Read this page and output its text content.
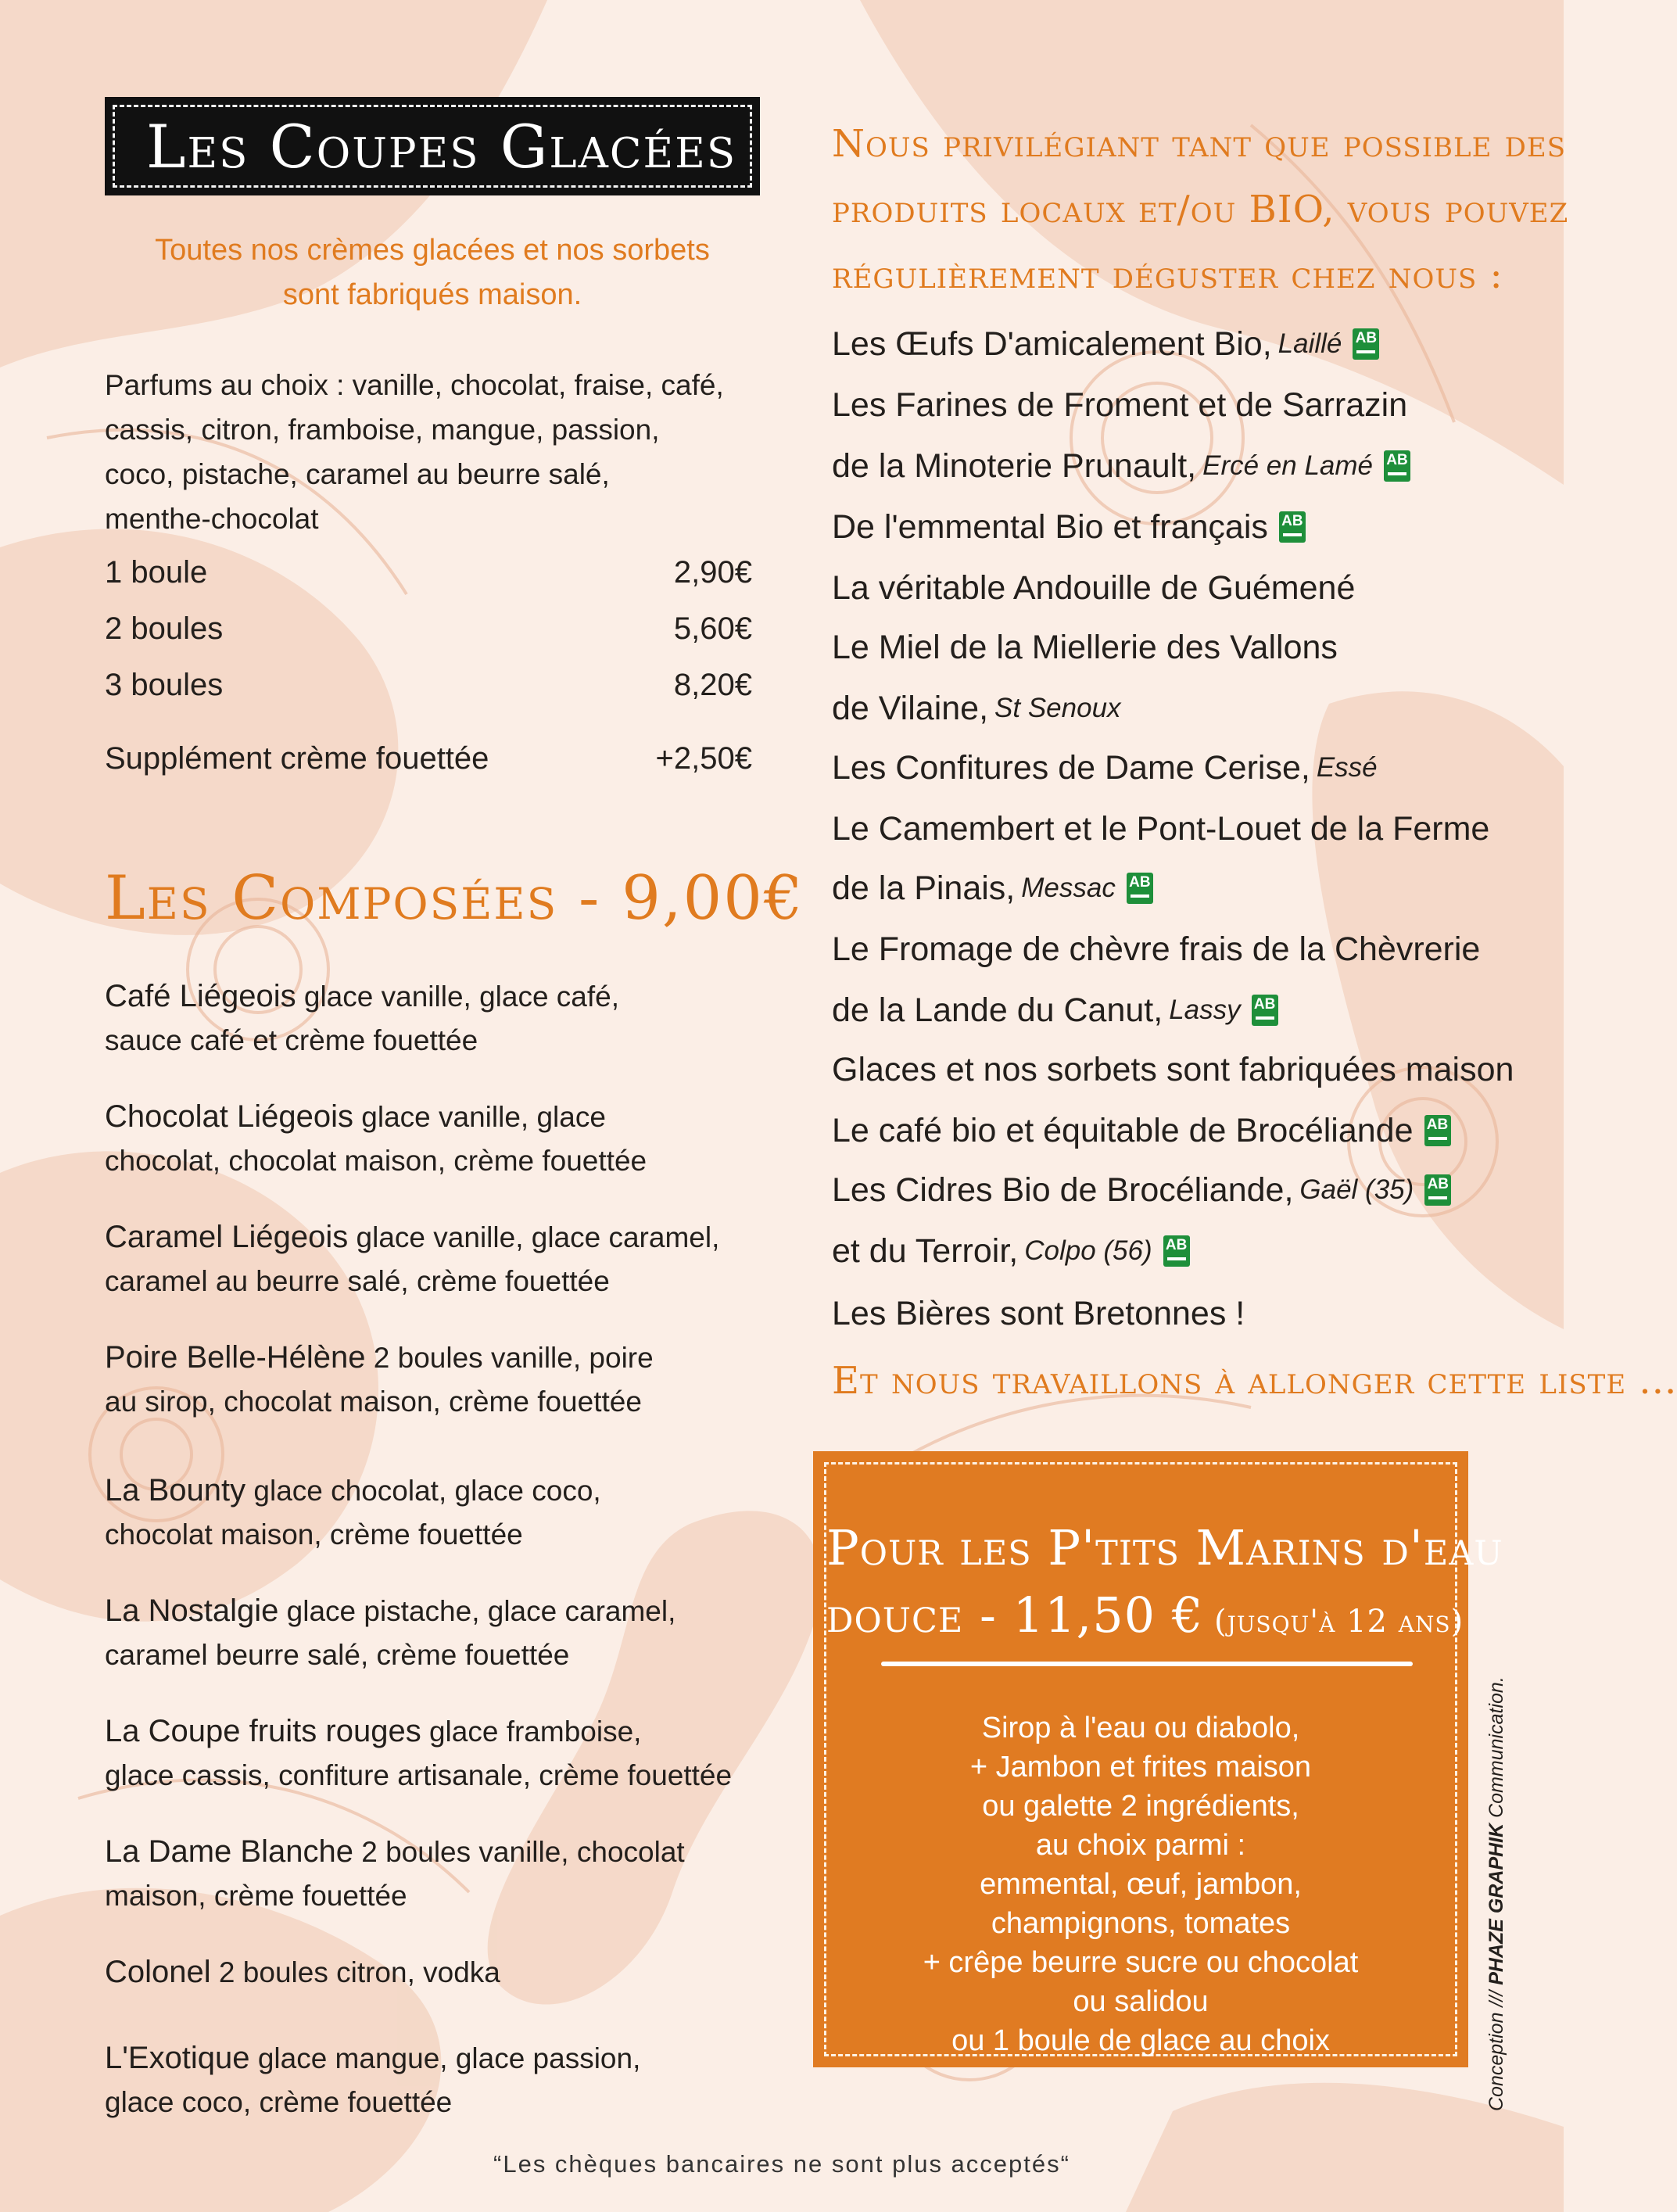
Les Coupes Glacées
Toutes nos crèmes glacées et nos sorbets
sont fabriqués maison.
Parfums au choix : vanille, chocolat, fraise, café,
cassis, citron, framboise, mangue, passion,
coco, pistache, caramel au beurre salé,
menthe-chocolat
1 boule	2,90€
2 boules	5,60€
3 boules	8,20€
Supplément crème fouettée	+2,50€
Les Composées - 9,00€
Café Liégeois glace vanille, glace café,
sauce café et crème fouettée
Chocolat Liégeois glace vanille, glace
chocolat, chocolat maison, crème fouettée
Caramel Liégeois glace vanille, glace caramel,
caramel au beurre salé, crème fouettée
Poire Belle-Hélène 2 boules vanille, poire
au sirop, chocolat maison, crème fouettée
La Bounty glace chocolat, glace coco,
chocolat maison, crème fouettée
La Nostalgie glace pistache, glace caramel,
caramel beurre salé, crème fouettée
La Coupe fruits rouges glace framboise,
glace cassis, confiture artisanale, crème fouettée
La Dame Blanche 2 boules vanille, chocolat
maison, crème fouettée
Colonel 2 boules citron, vodka
L'Exotique glace mangue, glace passion,
glace coco, crème fouettée
Nous privilégiant tant que possible des
produits locaux et/ou BIO, vous pouvez
régulièrement déguster chez nous :
Les Œufs D'amicalement Bio, Laillé AB
Les Farines de Froment et de Sarrazin
de la Minoterie Prunault, Ercé en Lamé AB
De l'emmental Bio et français AB
La véritable Andouille de Guémené
Le Miel de la Miellerie des Vallons
de Vilaine, St Senoux
Les Confitures de Dame Cerise, Essé
Le Camembert et le Pont-Louet de la Ferme
de la Pinais, Messac AB
Le Fromage de chèvre frais de la Chèvrerie
de la Lande du Canut, Lassy AB
Glaces et nos sorbets sont fabriquées maison
Le café bio et équitable de Brocéliande AB
Les Cidres Bio de Brocéliande, Gaël (35) AB
et du Terroir, Colpo (56) AB
Les Bières sont Bretonnes !
Et nous travaillons à allonger cette liste ...
Pour les P'tits Marins d'eau
douce - 11,50 € (jusqu'à 12 ans)
Sirop à l'eau ou diabolo,
+ Jambon et frites maison
ou galette 2 ingrédients,
au choix parmi :
emmental, œuf, jambon,
champignons, tomates
+ crêpe beurre sucre ou chocolat
ou salidou
ou 1 boule de glace au choix	Conception /// PHAZE GRAPHIK Communication.
“Les chèques bancaires ne sont plus acceptés“
